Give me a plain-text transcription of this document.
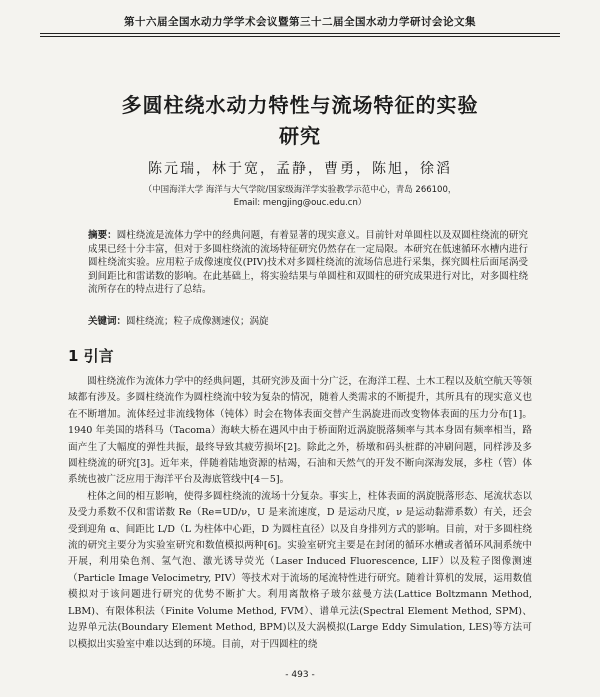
第十六届全国水动力学学术会议暨第三十二届全国水动力学研讨会论文集
多圆柱绕水动力特性与流场特征的实验
研究
陈元瑞，林于宽，孟静，曹勇，陈旭，徐滔
（中国海洋大学 海洋与大气学院/国家级海洋学实验教学示范中心，青岛 266100，
Email: mengjing@ouc.edu.cn）
摘要：圆柱绕流是流体力学中的经典问题，有着显著的现实意义。目前针对单圆柱以及双圆柱绕流的研究成果已经十分丰富，但对于多圆柱绕流的流场特征研究仍然存在一定局限。本研究在低速循环水槽内进行圆柱绕流实验。应用粒子成像速度仪(PIV)技术对多圆柱绕流的流场信息进行采集，探究圆柱后面尾涡受到间距比和雷诺数的影响。在此基础上，将实验结果与单圆柱和双圆柱的研究成果进行对比，对多圆柱绕流所存在的特点进行了总结。
关键词：圆柱绕流；粒子成像测速仪；涡旋
1 引言

圆柱绕流作为流体力学中的经典问题，其研究涉及面十分广泛，在海洋工程、土木工程以及航空航天等领域都有涉及。多圆柱绕流作为圆柱绕流中较为复杂的情况，随着人类需求的不断提升，其所具有的现实意义也在不断增加。流体经过非流线物体（钝体）时会在物体表面交替产生涡旋进而改变物体表面的压力分布[1]。1940 年美国的塔科马（Tacoma）海峡大桥在遇风中由于桥面附近涡旋脱落频率与其本身固有频率相当，路面产生了大幅度的弹性共振，最终导致其疲劳损坏[2]。除此之外，桥墩和码头桩群的冲刷问题，同样涉及多圆柱绕流的研究[3]。近年来，伴随着陆地资源的枯竭，石油和天然气的开发不断向深海发展，多柱（管）体系统也被广泛应用于海洋平台及海底管线中[4－5]。

柱体之间的相互影响，使得多圆柱绕流的流场十分复杂。事实上，柱体表面的涡旋脱落形态、尾流状态以及受力系数不仅和雷诺数 Re（Re=UD/ν，U 是来流速度，D 是运动尺度，ν 是运动黏滞系数）有关，还会受到迎角 α、间距比 L/D（L 为柱体中心距，D 为圆柱直径）以及自身排列方式的影响。目前，对于多圆柱绕流的研究主要分为实验室研究和数值模拟两种[6]。实验室研究主要是在封闭的循环水槽或者循环风洞系统中开展，利用染色剂、氢气泡、激光诱导荧光（Laser Induced Fluorescence, LIF）以及粒子图像测速（Particle Image Velocimetry, PIV）等技术对于流场的尾流特性进行研究。随着计算机的发展，运用数值模拟对于该问题进行研究的优势不断扩大。利用离散格子玻尔兹曼方法(Lattice Boltzmann Method, LBM)、有限体积法（Finite Volume Method, FVM）、谱单元法(Spectral Element Method, SPM)、边界单元法(Boundary Element Method, BPM)以及大涡模拟(Large Eddy Simulation, LES)等方法可以模拟出实验室中难以达到的环境。目前，对于四圆柱的绕

- 493 -
